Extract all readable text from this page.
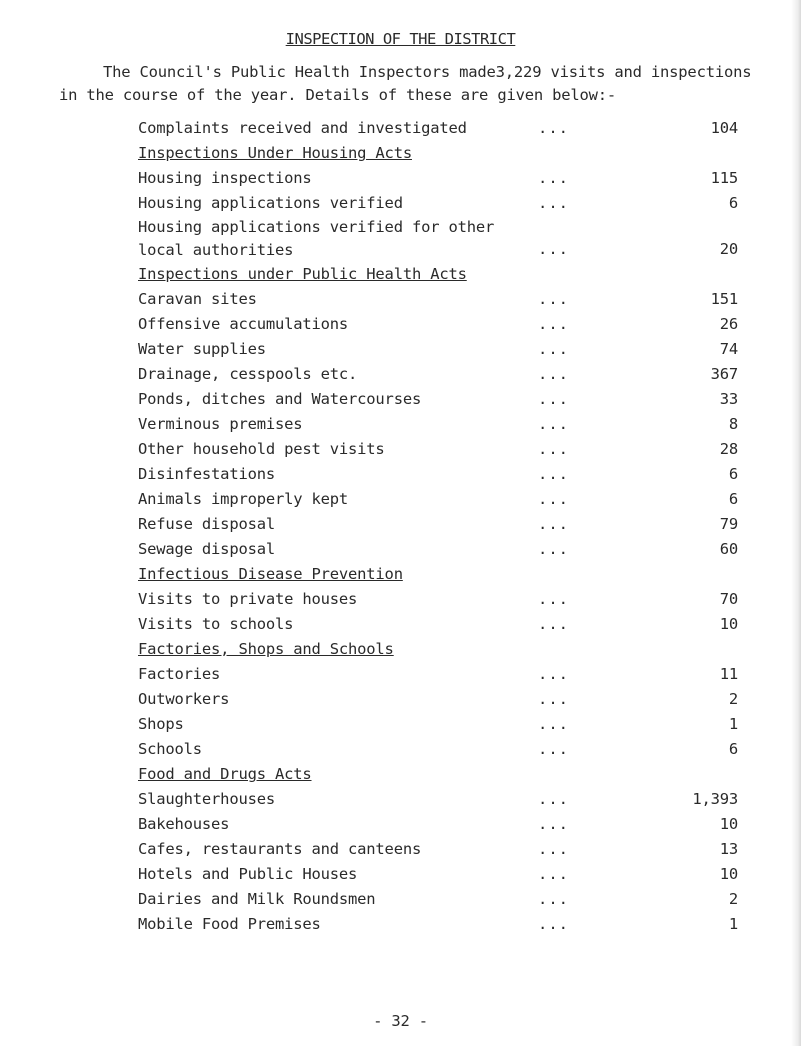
INSPECTION OF THE DISTRICT
The Council's Public Health Inspectors made3,229 visits and inspections
in the course of the year. Details of these are given below:-
Complaints received and investigated	...	104
Inspections Under Housing Acts
Housing inspections	...	115
Housing applications verified	...	6
Housing applications verified for other local authorities	...	20
Inspections under Public Health Acts
Caravan sites	...	151
Offensive accumulations	...	26
Water supplies	...	74
Drainage, cesspools etc.	...	367
Ponds, ditches and Watercourses	...	33
Verminous premises	...	8
Other household pest visits	...	28
Disinfestations	...	6
Animals improperly kept	...	6
Refuse disposal	...	79
Sewage disposal	...	60
Infectious Disease Prevention
Visits to private houses	...	70
Visits to schools	...	10
Factories, Shops and Schools
Factories	...	11
Outworkers	...	2
Shops	...	1
Schools	...	6
Food and Drugs Acts
Slaughterhouses	...	1,393
Bakehouses	...	10
Cafes, restaurants and canteens	...	13
Hotels and Public Houses	...	10
Dairies and Milk Roundsmen	...	2
Mobile Food Premises	...	1
- 32 -
